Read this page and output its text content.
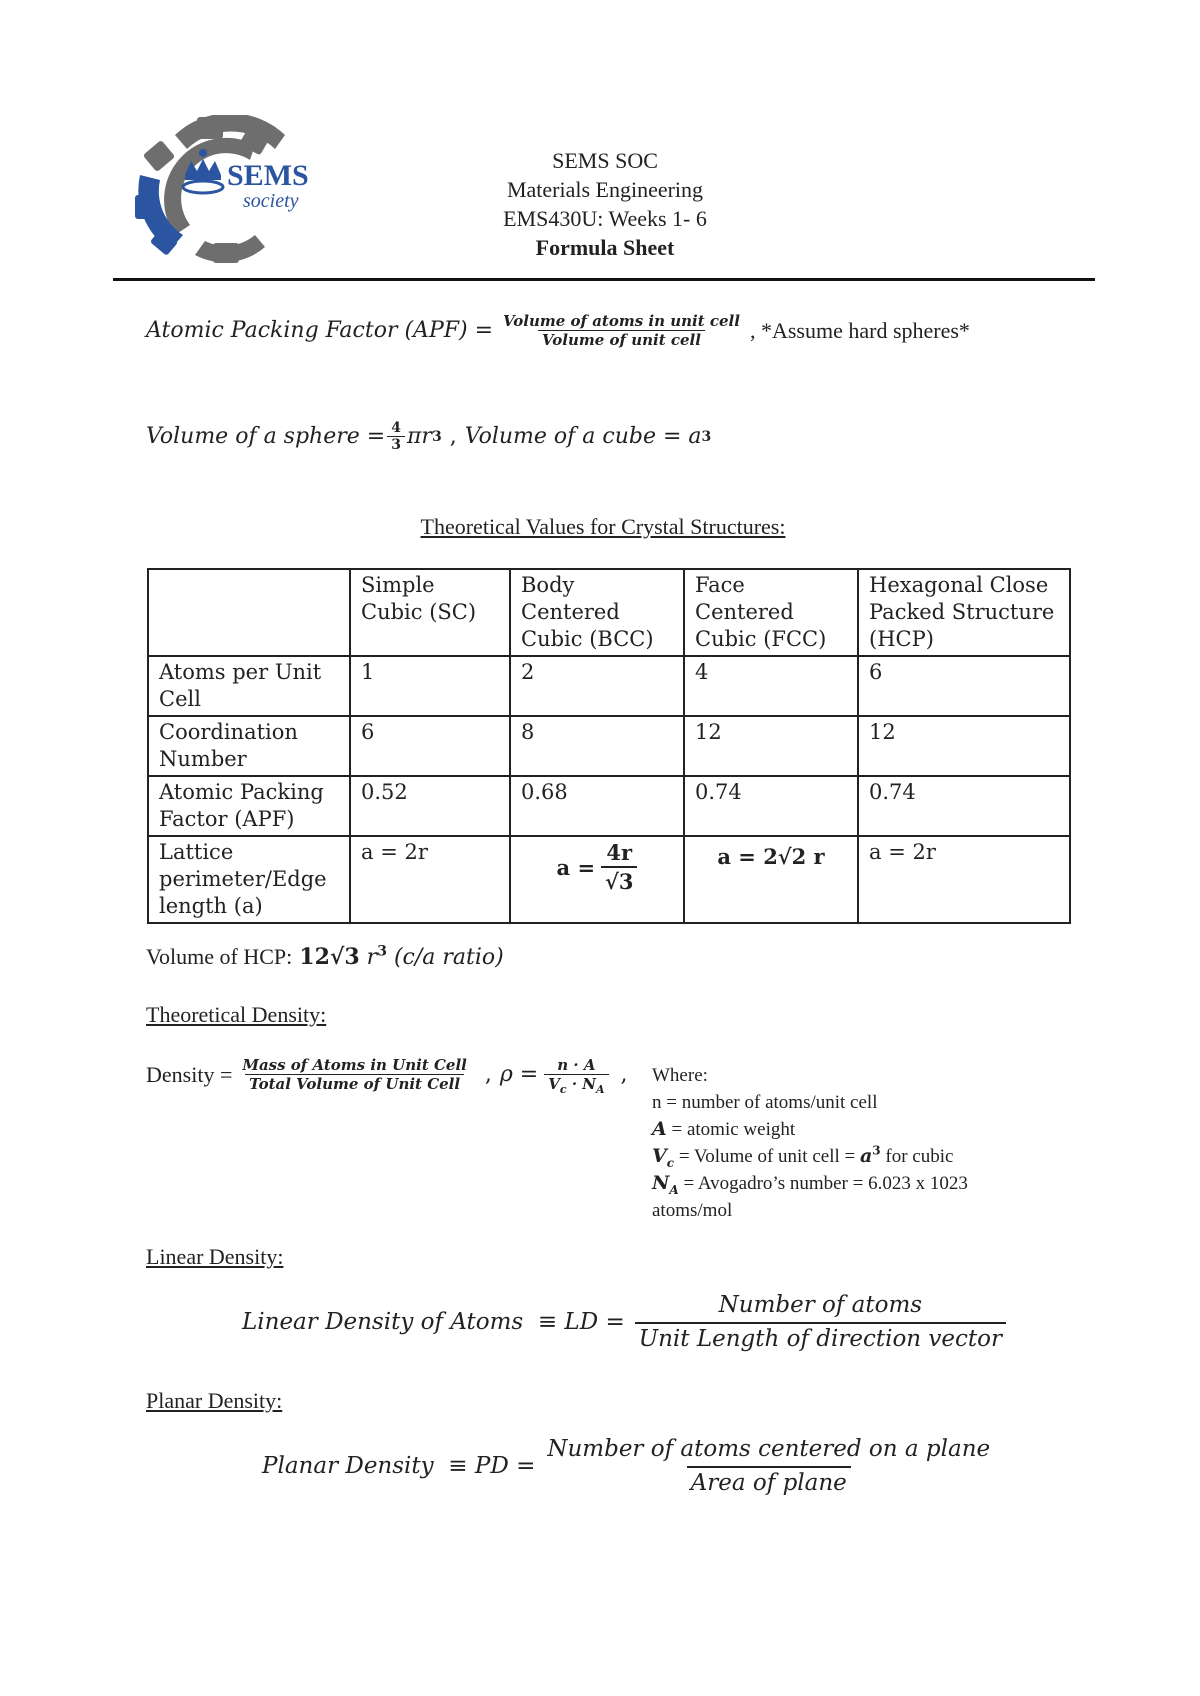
SEMS
society
SEMS SOC
Materials Engineering
EMS430U: Weeks 1- 6
Formula Sheet
Atomic Packing Factor $(APF) = \frac{\text{Volume of atoms in unit cell}}{\text{Volume of unit cell}}$ , *Assume hard spheres*
Volume of a sphere = $\frac{4}{3}$ πr 3 , Volume of a cube = a 3
Theoretical Values for Crystal Structures:
	Simple Cubic (SC)	Body Centered Cubic (BCC)	Face Centered Cubic (FCC)	Hexagonal Close Packed Structure (HCP)
Atoms per Unit Cell	1	2	4	6
Coordination Number	6	8	12	12
Atomic Packing Factor (APF)	0.52	0.68	0.74	0.74
Lattice perimeter/Edge length (a)	a = 2r	$a = \frac{4r}{√3}$	a = 2√2 r	a = 2r
Volume of HCP: 12√3 $r^3$ (c/a ratio)
Theoretical Density:
Density = $\frac{\text{Mass of Atoms in Unit Cell}}{\text{Total Volume of Unit Cell}}$ , $\rho = \frac{n \cdot A}{V_c \cdot N_A}$ , Where:
n = number of atoms/unit cell
A = atomic weight
$V_c$ = Volume of unit cell = $a^3$ for cubic
$N_A$ = Avogadro’s number = 6.023 x 1023
atoms/mol
Linear Density:
Linear Density of Atoms  ≡ LD = $\frac{\text{Number of atoms}}{\text{Unit Length of direction vector}}$
Planar Density:
Planar Density  ≡ PD = $\frac{\text{Number of atoms centered on a plane}}{\text{Area of plane}}$
